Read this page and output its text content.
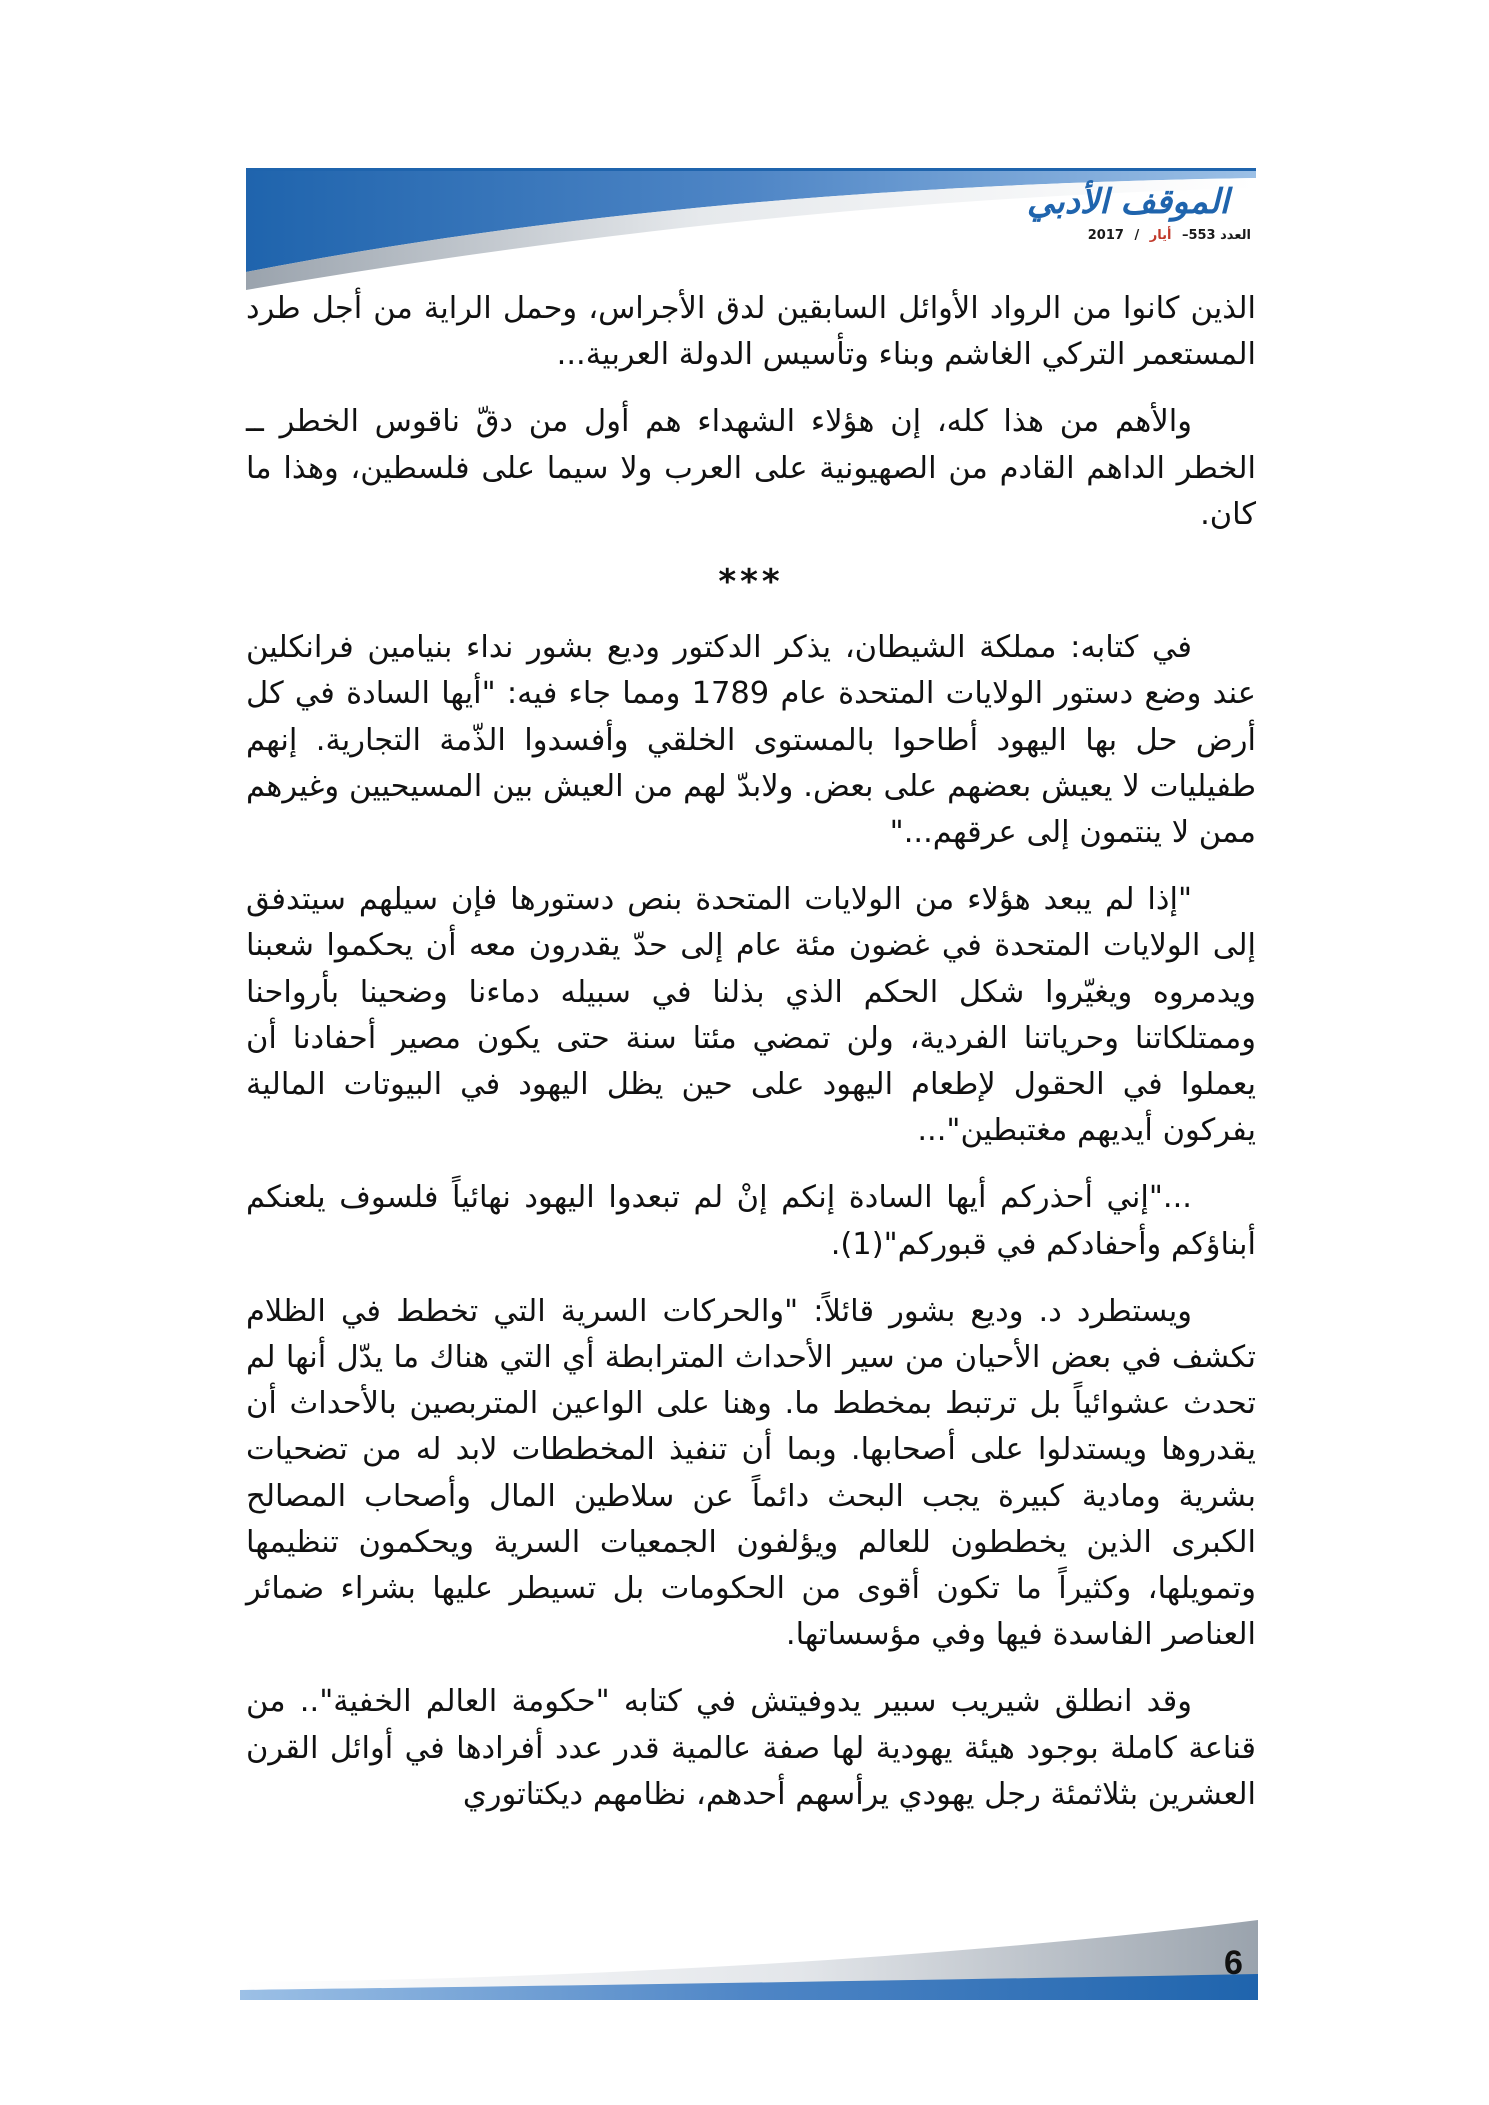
الموقف الأدبي
العدد 553– أيار / 2017

الذين كانوا من الرواد الأوائل السابقين لدق الأجراس، وحمل الراية من أجل طرد المستعمر التركي الغاشم وبناء وتأسيس الدولة العربية...

والأهم من هذا كله، إن هؤلاء الشهداء هم أول من دقّ ناقوس الخطر ــ الخطر الداهم القادم من الصهيونية على العرب ولا سيما على فلسطين، وهذا ما كان.

***

في كتابه: مملكة الشيطان، يذكر الدكتور وديع بشور نداء بنيامين فرانكلين عند وضع دستور الولايات المتحدة عام 1789 ومما جاء فيه: "أيها السادة في كل أرض حل بها اليهود أطاحوا بالمستوى الخلقي وأفسدوا الذّمة التجارية. إنهم طفيليات لا يعيش بعضهم على بعض. ولابدّ لهم من العيش بين المسيحيين وغيرهم ممن لا ينتمون إلى عرقهم..."

"إذا لم يبعد هؤلاء من الولايات المتحدة بنص دستورها فإن سيلهم سيتدفق إلى الولايات المتحدة في غضون مئة عام إلى حدّ يقدرون معه أن يحكموا شعبنا ويدمروه ويغيّروا شكل الحكم الذي بذلنا في سبيله دماءنا وضحينا بأرواحنا وممتلكاتنا وحرياتنا الفردية، ولن تمضي مئتا سنة حتى يكون مصير أحفادنا أن يعملوا في الحقول لإطعام اليهود على حين يظل اليهود في البيوتات المالية يفركون أيديهم مغتبطين"...

..."إني أحذركم أيها السادة إنكم إنْ لم تبعدوا اليهود نهائياً فلسوف يلعنكم أبناؤكم وأحفادكم في قبوركم"(1).

ويستطرد د. وديع بشور قائلاً: "والحركات السرية التي تخطط في الظلام تكشف في بعض الأحيان من سير الأحداث المترابطة أي التي هناك ما يدّل أنها لم تحدث عشوائياً بل ترتبط بمخطط ما. وهنا على الواعين المتربصين بالأحداث أن يقدروها ويستدلوا على أصحابها. وبما أن تنفيذ المخططات لابد له من تضحيات بشرية ومادية كبيرة يجب البحث دائماً عن سلاطين المال وأصحاب المصالح الكبرى الذين يخططون للعالم ويؤلفون الجمعيات السرية ويحكمون تنظيمها وتمويلها، وكثيراً ما تكون أقوى من الحكومات بل تسيطر عليها بشراء ضمائر العناصر الفاسدة فيها وفي مؤسساتها.

وقد انطلق شيريب سبير يدوفيتش في كتابه "حكومة العالم الخفية".. من قناعة كاملة بوجود هيئة يهودية لها صفة عالمية قدر عدد أفرادها في أوائل القرن العشرين بثلاثمئة رجل يهودي يرأسهم أحدهم، نظامهم ديكتاتوري

6
